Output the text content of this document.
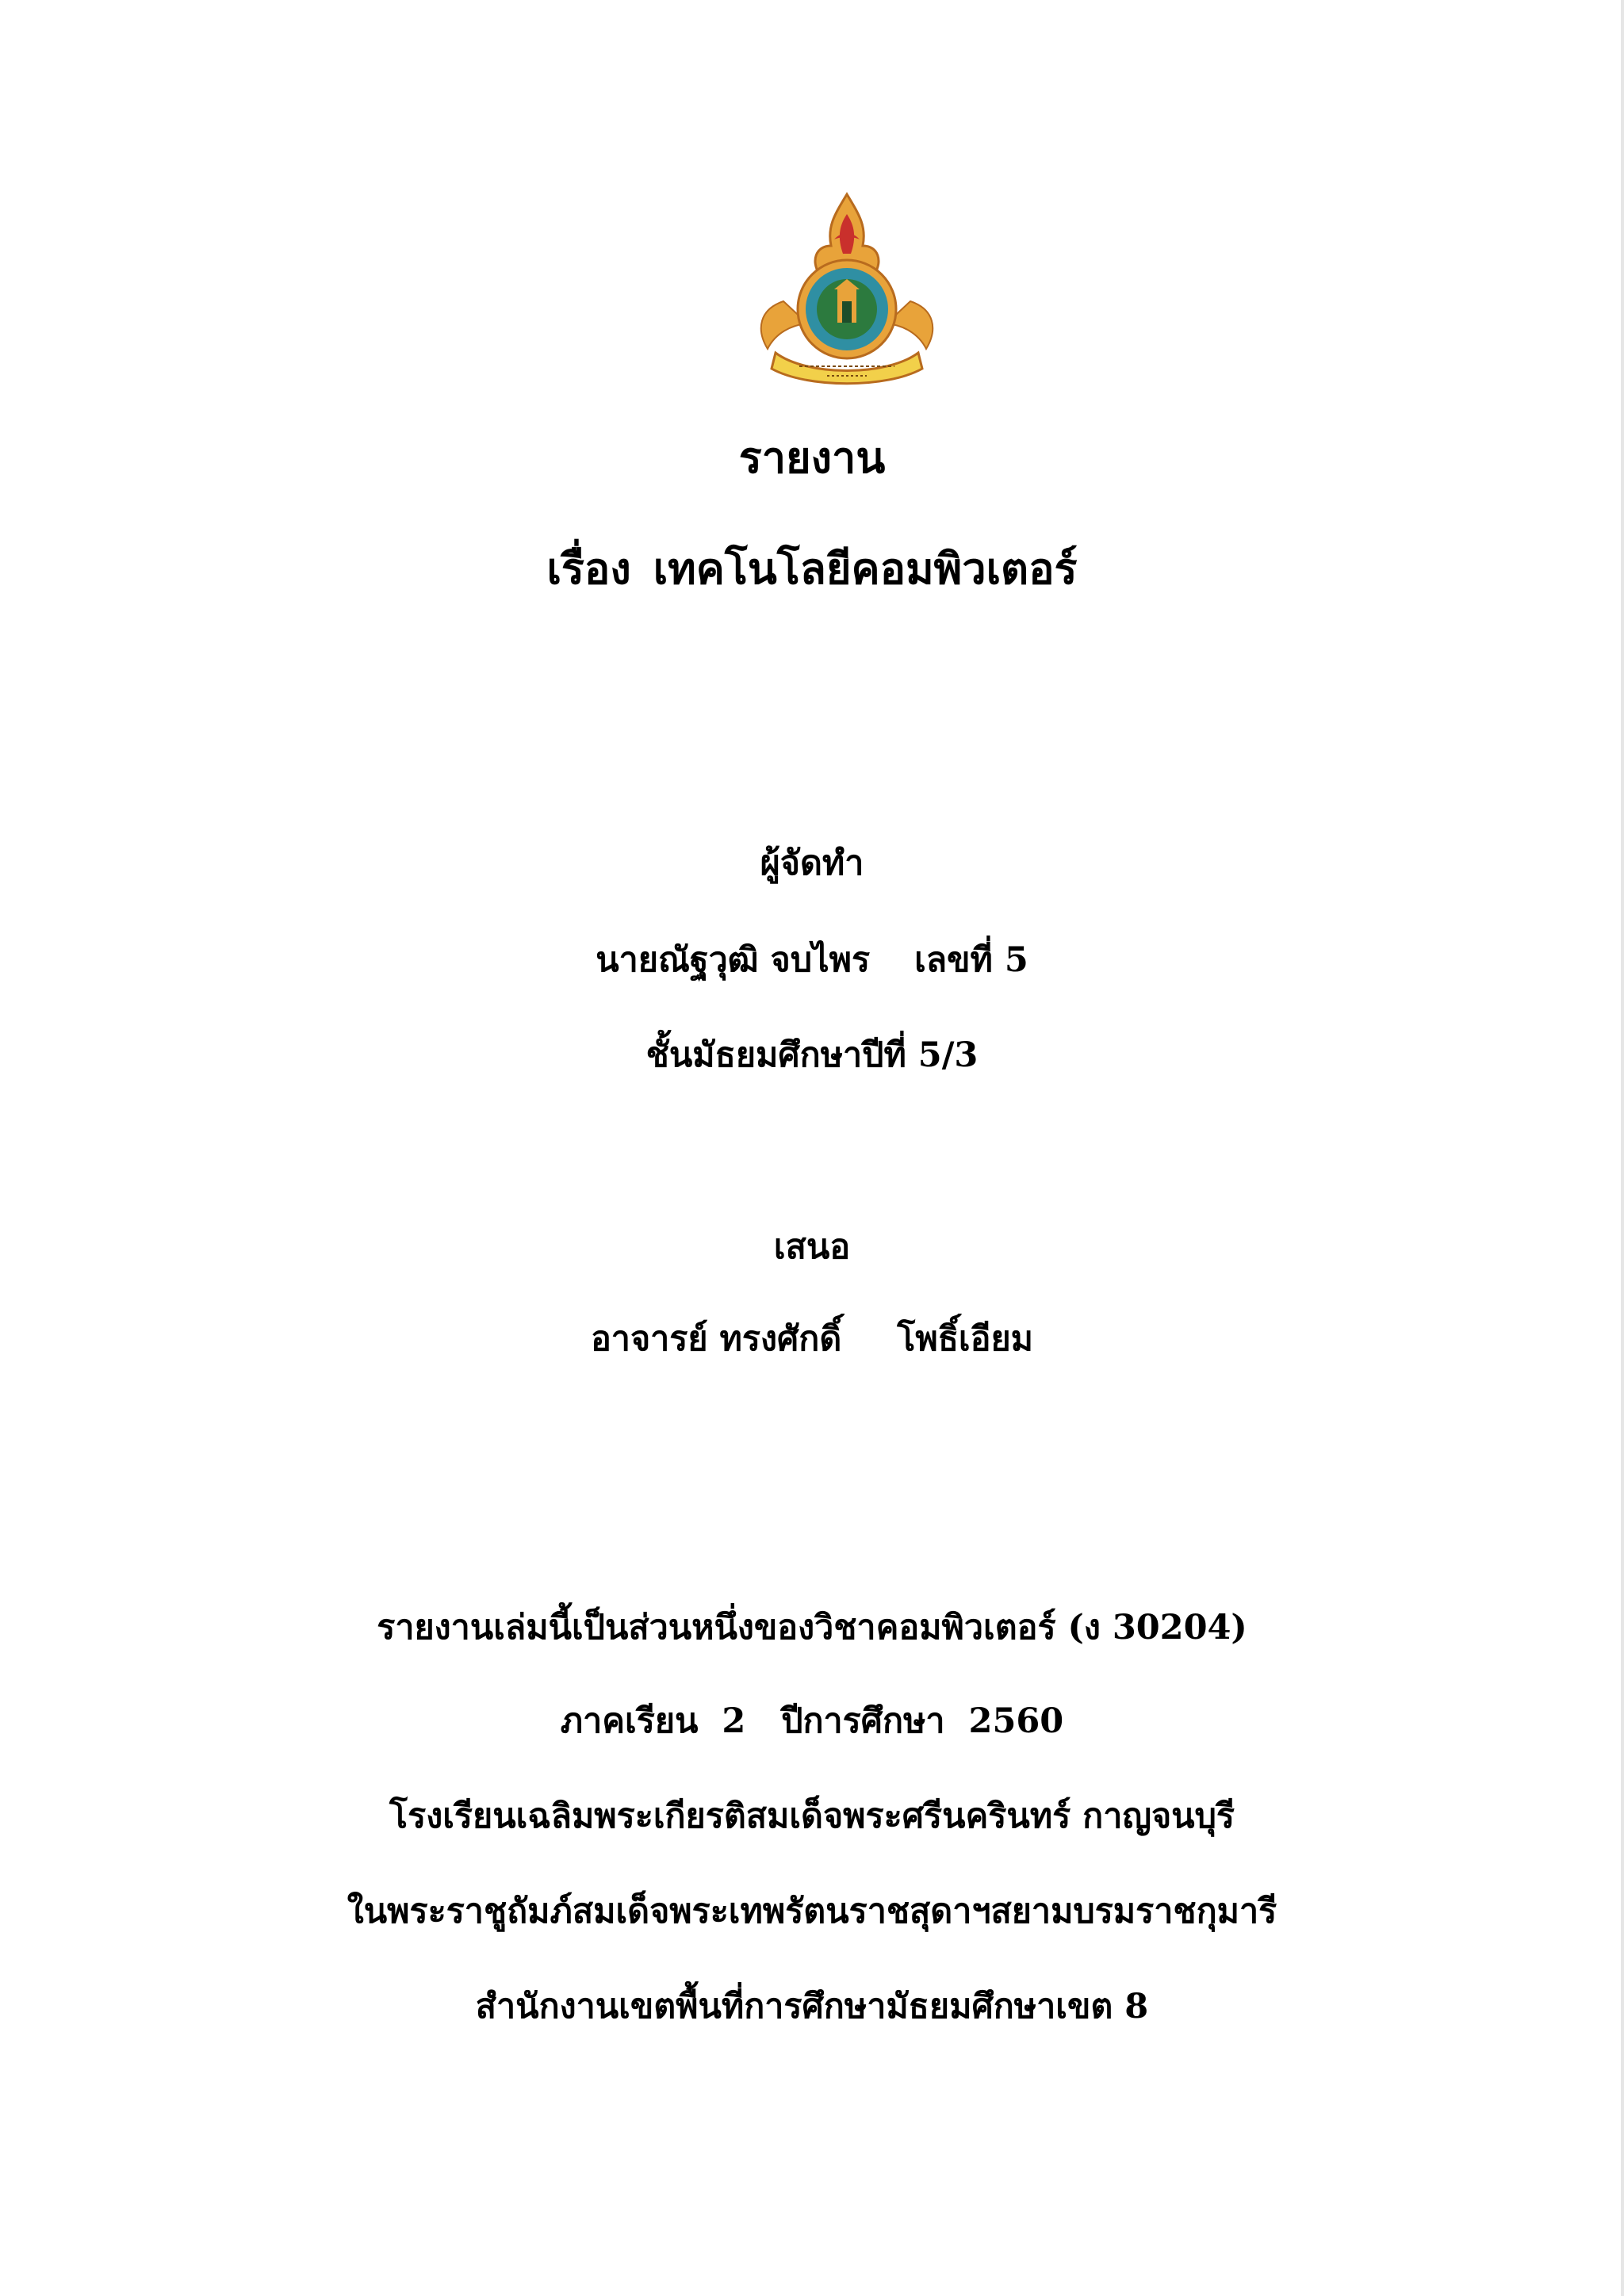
รายงาน
เรื่อง เทคโนโลยีคอมพิวเตอร์
ผู้จัดทำ
นายณัฐวุฒิ จบไพร เลขที่ 5
ชั้นมัธยมศึกษาปีที่ 5/3
เสนอ
อาจารย์ ทรงศักดิ์ โพธิ์เอียม
รายงานเล่มนี้เป็นส่วนหนึ่งของวิชาคอมพิวเตอร์ (ง 30204)
ภาคเรียน  2   ปีการศึกษา  2560
โรงเรียนเฉลิมพระเกียรติสมเด็จพระศรีนครินทร์ กาญจนบุรี
ในพระราชูถัมภ์สมเด็จพระเทพรัตนราชสุดาฯสยามบรมราชกุมารี
สำนักงานเขตพื้นที่การศึกษามัธยมศึกษาเขต 8
